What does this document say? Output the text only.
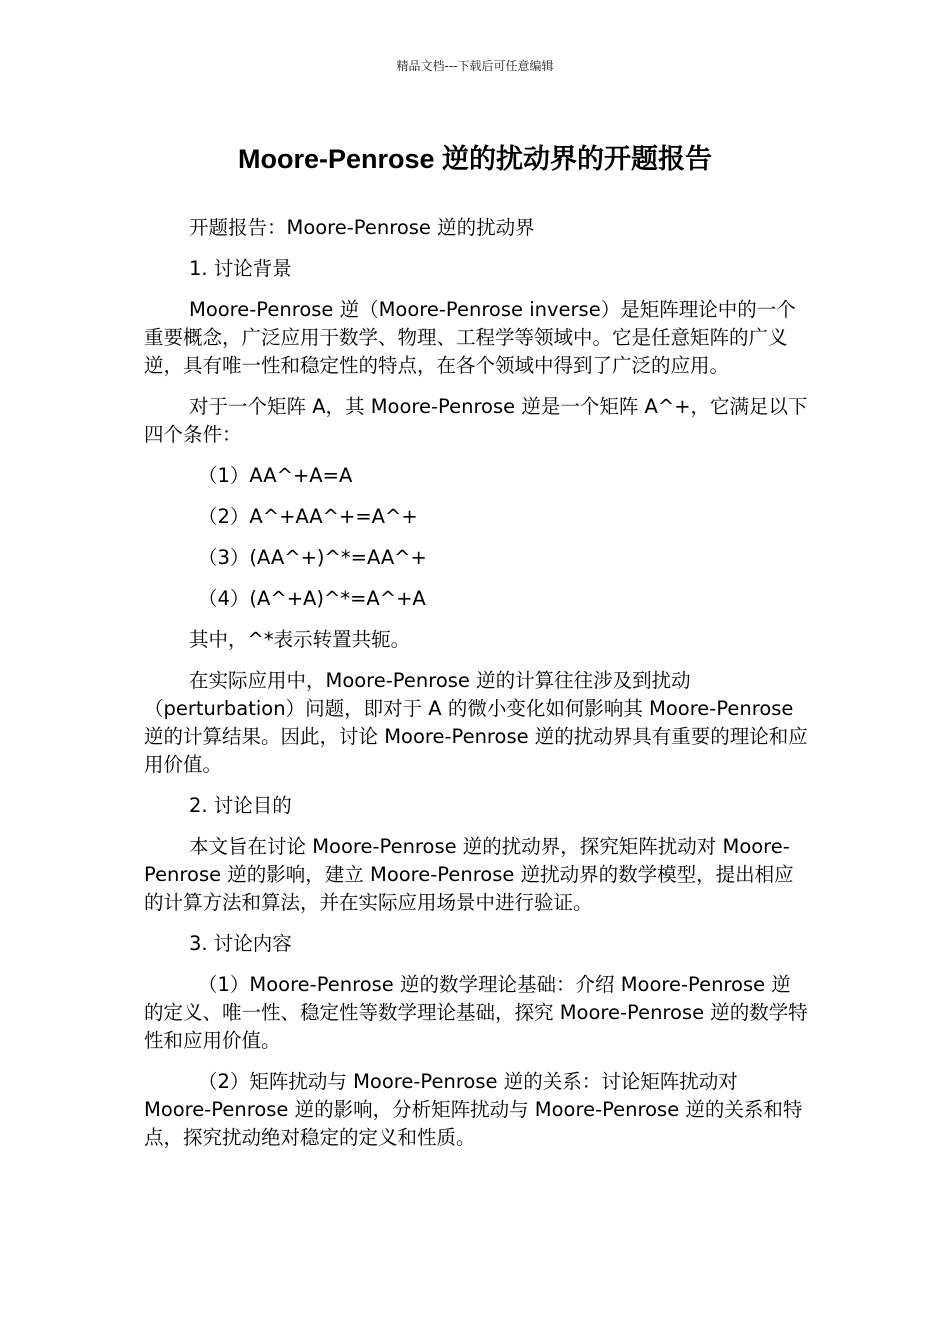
精品文档---下载后可任意编辑
Moore-Penrose 逆的扰动界的开题报告

开题报告：Moore-Penrose 逆的扰动界

1. 讨论背景

Moore-Penrose 逆（Moore-Penrose inverse）是矩阵理论中的一个重要概念，广泛应用于数学、物理、工程学等领域中。它是任意矩阵的广义逆，具有唯一性和稳定性的特点，在各个领域中得到了广泛的应用。

对于一个矩阵 A，其 Moore-Penrose 逆是一个矩阵 A^+，它满足以下四个条件：

（1）AA^+A=A

（2）A^+AA^+=A^+

（3）(AA^+)^*=AA^+

（4）(A^+A)^*=A^+A

其中，^*表示转置共轭。

在实际应用中，Moore-Penrose 逆的计算往往涉及到扰动（perturbation）问题，即对于 A 的微小变化如何影响其 Moore-Penrose 逆的计算结果。因此，讨论 Moore-Penrose 逆的扰动界具有重要的理论和应用价值。

2. 讨论目的

本文旨在讨论 Moore-Penrose 逆的扰动界，探究矩阵扰动对 Moore-Penrose 逆的影响，建立 Moore-Penrose 逆扰动界的数学模型，提出相应的计算方法和算法，并在实际应用场景中进行验证。

3. 讨论内容

（1）Moore-Penrose 逆的数学理论基础：介绍 Moore-Penrose 逆的定义、唯一性、稳定性等数学理论基础，探究 Moore-Penrose 逆的数学特性和应用价值。

（2）矩阵扰动与 Moore-Penrose 逆的关系：讨论矩阵扰动对 Moore-Penrose 逆的影响，分析矩阵扰动与 Moore-Penrose 逆的关系和特点，探究扰动绝对稳定的定义和性质。
